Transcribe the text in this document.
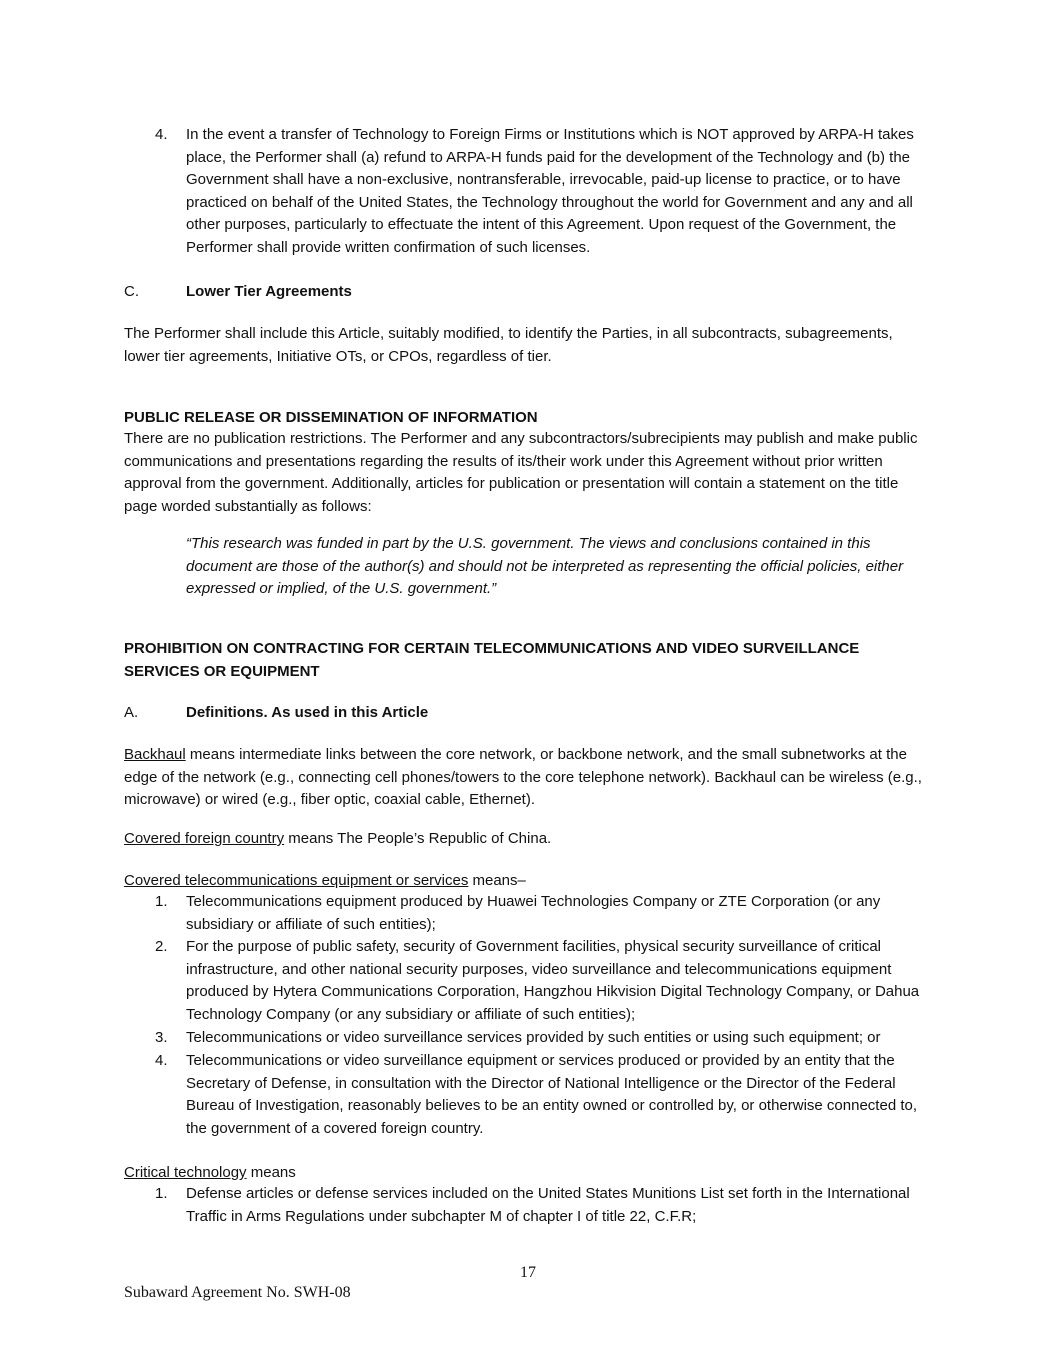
4.	In the event a transfer of Technology to Foreign Firms or Institutions which is NOT approved by ARPA-H takes place, the Performer shall (a) refund to ARPA-H funds paid for the development of the Technology and (b) the Government shall have a non-exclusive, nontransferable, irrevocable, paid-up license to practice, or to have practiced on behalf of the United States, the Technology throughout the world for Government and any and all other purposes, particularly to effectuate the intent of this Agreement. Upon request of the Government, the Performer shall provide written confirmation of such licenses.
C.	Lower Tier Agreements
The Performer shall include this Article, suitably modified, to identify the Parties, in all subcontracts, subagreements, lower tier agreements, Initiative OTs, or CPOs, regardless of tier.
PUBLIC RELEASE OR DISSEMINATION OF INFORMATION
There are no publication restrictions. The Performer and any subcontractors/subrecipients may publish and make public communications and presentations regarding the results of its/their work under this Agreement without prior written approval from the government. Additionally, articles for publication or presentation will contain a statement on the title page worded substantially as follows:
“This research was funded in part by the U.S. government. The views and conclusions contained in this document are those of the author(s) and should not be interpreted as representing the official policies, either expressed or implied, of the U.S. government.”
PROHIBITION ON CONTRACTING FOR CERTAIN TELECOMMUNICATIONS AND VIDEO SURVEILLANCE SERVICES OR EQUIPMENT
A.	Definitions. As used in this Article
Backhaul means intermediate links between the core network, or backbone network, and the small subnetworks at the edge of the network (e.g., connecting cell phones/towers to the core telephone network). Backhaul can be wireless (e.g., microwave) or wired (e.g., fiber optic, coaxial cable, Ethernet).
Covered foreign country means The People’s Republic of China.
Covered telecommunications equipment or services means–
1.	Telecommunications equipment produced by Huawei Technologies Company or ZTE Corporation (or any subsidiary or affiliate of such entities);
2.	For the purpose of public safety, security of Government facilities, physical security surveillance of critical infrastructure, and other national security purposes, video surveillance and telecommunications equipment produced by Hytera Communications Corporation, Hangzhou Hikvision Digital Technology Company, or Dahua Technology Company (or any subsidiary or affiliate of such entities);
3.	Telecommunications or video surveillance services provided by such entities or using such equipment; or
4.	Telecommunications or video surveillance equipment or services produced or provided by an entity that the Secretary of Defense, in consultation with the Director of National Intelligence or the Director of the Federal Bureau of Investigation, reasonably believes to be an entity owned or controlled by, or otherwise connected to, the government of a covered foreign country.
Critical technology means
1.	Defense articles or defense services included on the United States Munitions List set forth in the International Traffic in Arms Regulations under subchapter M of chapter I of title 22, C.F.R;
17
Subaward Agreement No. SWH-08
